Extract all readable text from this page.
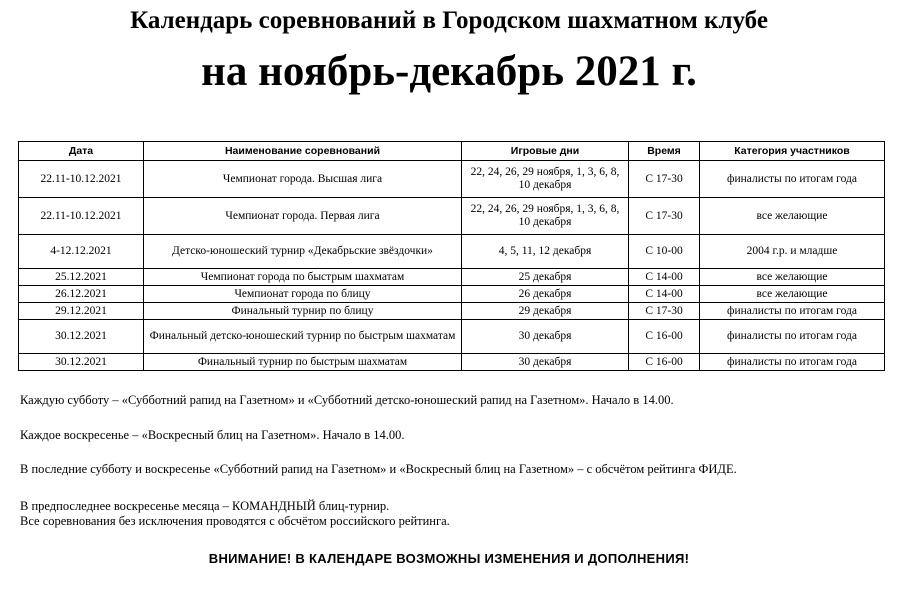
Календарь соревнований в Городском шахматном клубе
на ноябрь-декабрь 2021 г.
Дата	Наименование соревнований	Игровые дни	Время	Категория участников
22.11-10.12.2021	Чемпионат города. Высшая лига	22, 24, 26, 29 ноября, 1, 3, 6, 8, 10 декабря	С 17-30	финалисты по итогам года
22.11-10.12.2021	Чемпионат города. Первая лига	22, 24, 26, 29 ноября, 1, 3, 6, 8, 10 декабря	С 17-30	все желающие
4-12.12.2021	Детско-юношеский турнир «Декабрьские звёздочки»	4, 5, 11, 12 декабря	С 10-00	2004 г.р. и младше
25.12.2021	Чемпионат города по быстрым шахматам	25 декабря	С 14-00	все желающие
26.12.2021	Чемпионат города по блицу	26 декабря	С 14-00	все желающие
29.12.2021	Финальный турнир по блицу	29 декабря	С 17-30	финалисты по итогам года
30.12.2021	Финальный детско-юношеский турнир по быстрым шахматам	30 декабря	С 16-00	финалисты по итогам года
30.12.2021	Финальный турнир по быстрым шахматам	30 декабря	С 16-00	финалисты по итогам года

Каждую субботу – «Субботний рапид на Газетном» и «Субботний детско-юношеский рапид на Газетном». Начало в 14.00.

Каждое воскресенье – «Воскресный блиц на Газетном». Начало в 14.00.

В последние субботу и воскресенье «Субботний рапид на Газетном» и «Воскресный блиц на Газетном» – с обсчётом рейтинга ФИДЕ.

В предпоследнее воскресенье месяца – КОМАНДНЫЙ блиц-турнир.

Все соревнования без исключения проводятся с обсчётом российского рейтинга.

ВНИМАНИЕ! В КАЛЕНДАРЕ ВОЗМОЖНЫ ИЗМЕНЕНИЯ И ДОПОЛНЕНИЯ!
